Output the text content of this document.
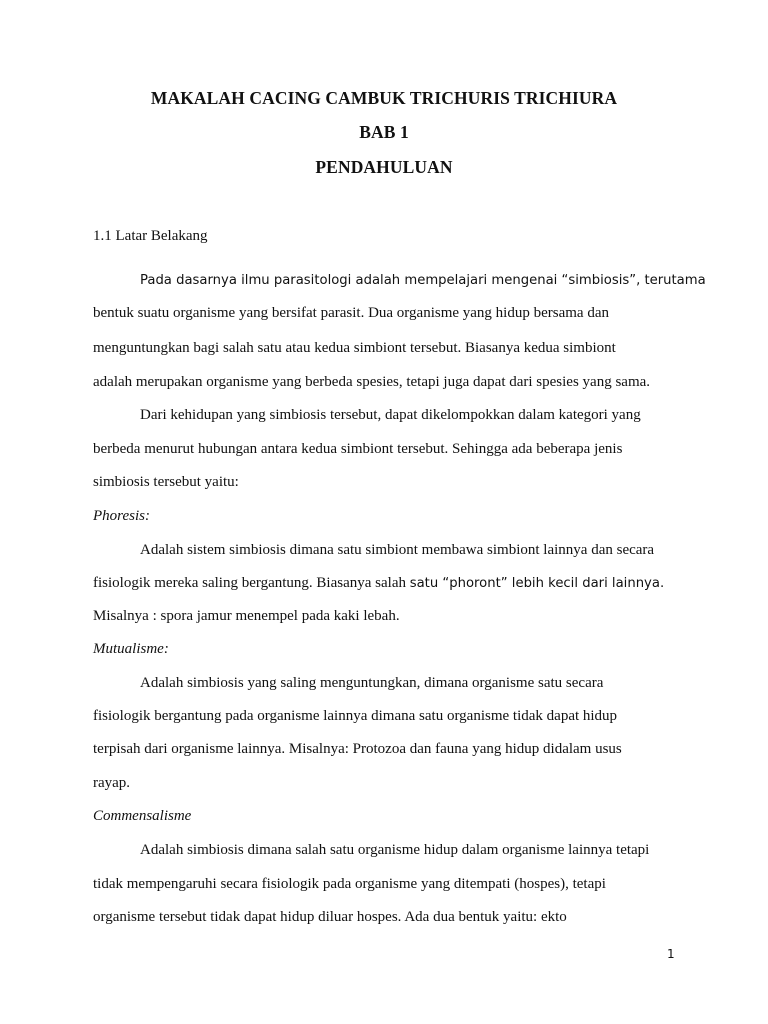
MAKALAH CACING CAMBUK TRICHURIS TRICHIURA
BAB 1
PENDAHULUAN
1.1 Latar Belakang
Pada dasarnya ilmu parasitologi adalah mempelajari mengenai “simbiosis”, terutama
bentuk suatu organisme yang bersifat parasit. Dua organisme yang hidup bersama dan
menguntungkan bagi salah satu atau kedua simbiont tersebut. Biasanya kedua simbiont
adalah merupakan organisme yang berbeda spesies, tetapi juga dapat dari spesies yang sama.
Dari kehidupan yang simbiosis tersebut, dapat dikelompokkan dalam kategori yang
berbeda menurut hubungan antara kedua simbiont tersebut. Sehingga ada beberapa jenis
simbiosis tersebut yaitu:
Phoresis:
Adalah sistem simbiosis dimana satu simbiont membawa simbiont lainnya dan secara
fisiologik mereka saling bergantung. Biasanya salah satu “phoront” lebih kecil dari lainnya.
Misalnya : spora jamur menempel pada kaki lebah.
Mutualisme:
Adalah simbiosis yang saling menguntungkan, dimana organisme satu secara
fisiologik bergantung pada organisme lainnya dimana satu organisme tidak dapat hidup
terpisah dari organisme lainnya. Misalnya: Protozoa dan fauna yang hidup didalam usus
rayap.
Commensalisme
Adalah simbiosis dimana salah satu organisme hidup dalam organisme lainnya tetapi
tidak mempengaruhi secara fisiologik pada organisme yang ditempati (hospes), tetapi
organisme tersebut tidak dapat hidup diluar hospes. Ada dua bentuk yaitu: ekto
1
